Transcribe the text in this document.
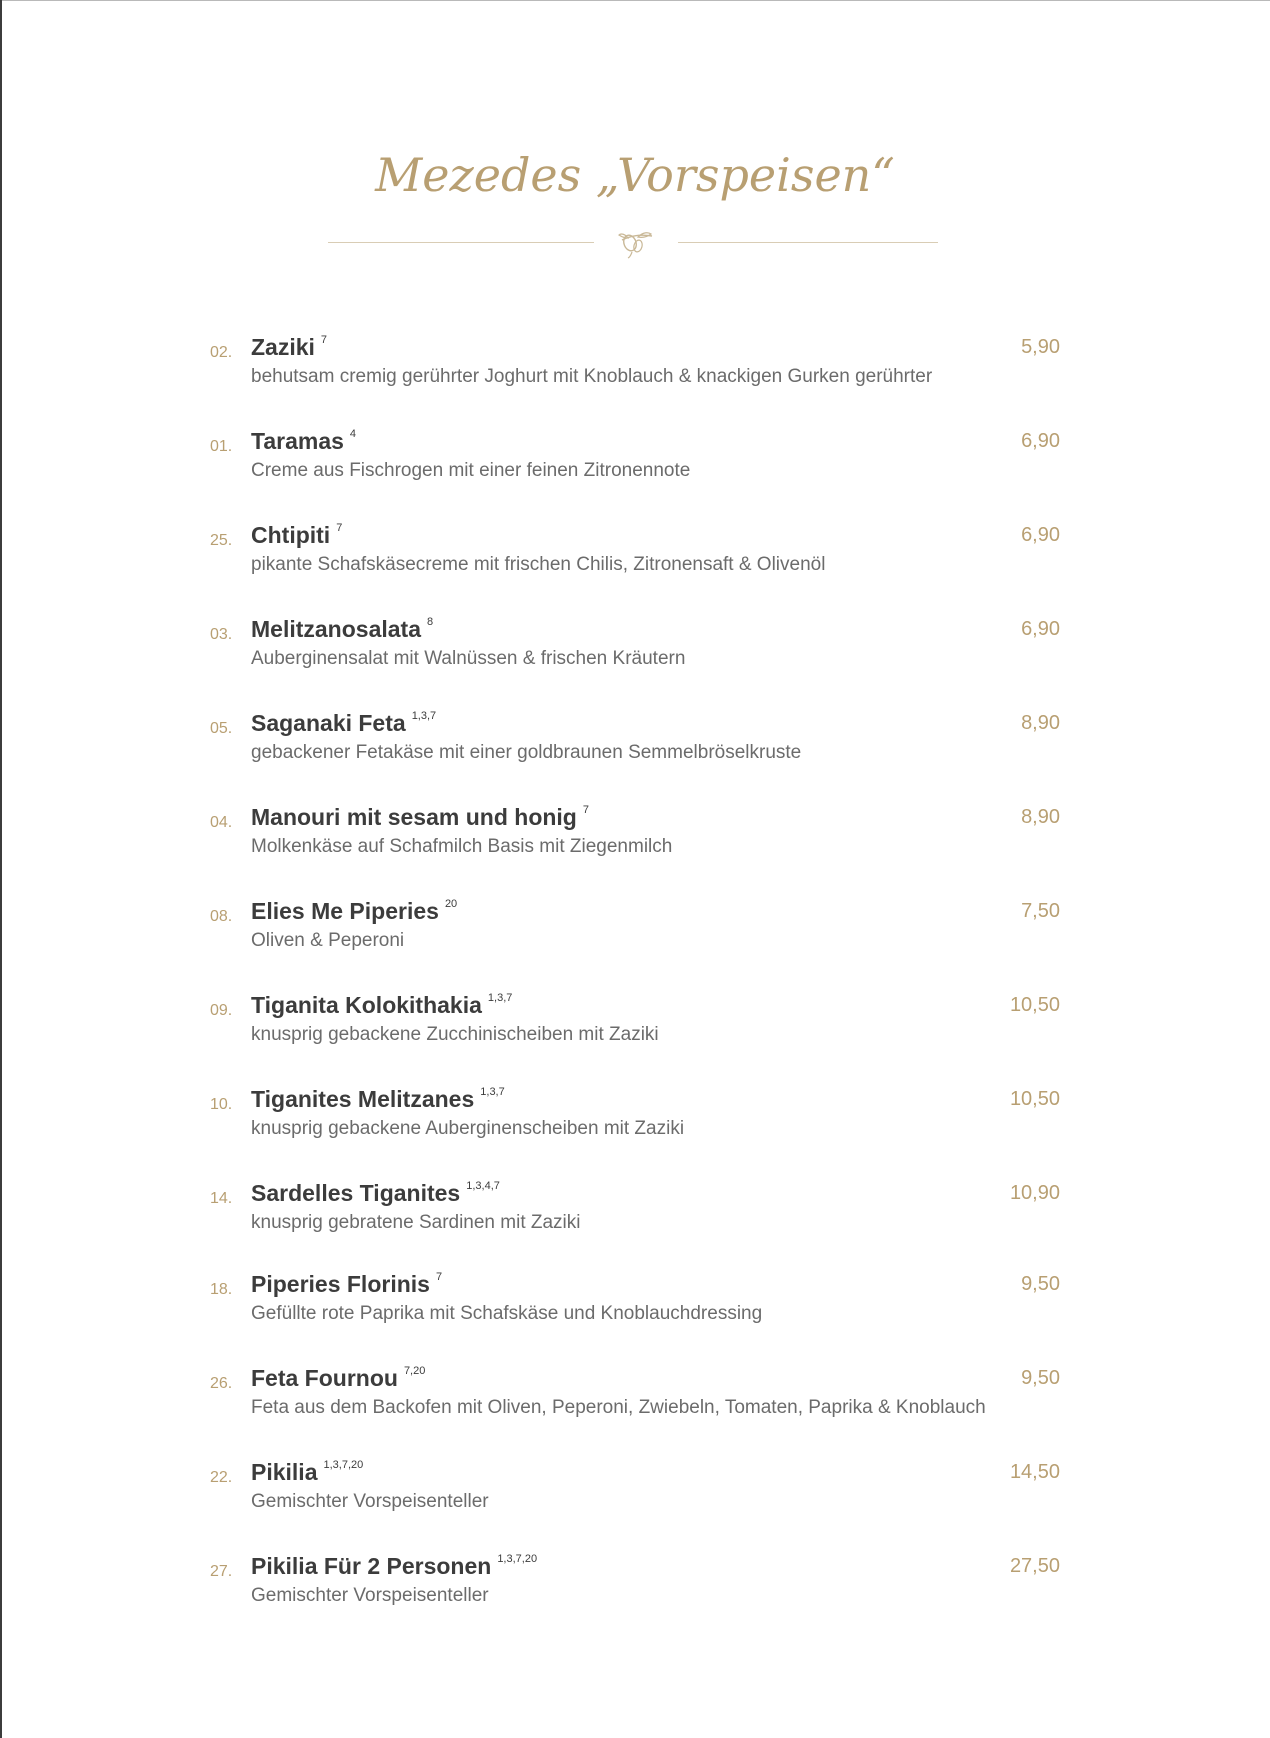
Mezedes „Vorspeisen“
02. Zaziki $^7$
behutsam cremig gerührter Joghurt mit Knoblauch & knackigen Gurken gerührter
5,90
01. Taramas $^4$
Creme aus Fischrogen mit einer feinen Zitronennote
6,90
25. Chtipiti $^7$
pikante Schafskäsecreme mit frischen Chilis, Zitronensaft & Olivenöl
6,90
03. Melitzanosalata $^8$
Auberginensalat mit Walnüssen & frischen Kräutern
6,90
05. Saganaki Feta $^{1,3,7}$
gebackener Fetakäse mit einer goldbraunen Semmelbröselkruste
8,90
04. Manouri mit sesam und honig $^7$
Molkenkäse auf Schafmilch Basis mit Ziegenmilch
8,90
08. Elies Me Piperies $^{20}$
Oliven & Peperoni
7,50
09. Tiganita Kolokithakia $^{1,3,7}$
knusprig gebackene Zucchinischeiben mit Zaziki
10,50
10. Tiganites Melitzanes $^{1,3,7}$
knusprig gebackene Auberginenscheiben mit Zaziki
10,50
14. Sardelles Tiganites $^{1,3,4,7}$
knusprig gebratene Sardinen mit Zaziki
10,90
18. Piperies Florinis $^7$
Gefüllte rote Paprika mit Schafskäse und Knoblauchdressing
9,50
26. Feta Fournou $^{7,20}$
Feta aus dem Backofen mit Oliven, Peperoni, Zwiebeln, Tomaten, Paprika & Knoblauch
9,50
22. Pikilia $^{1,3,7,20}$
Gemischter Vorspeisenteller
14,50
27. Pikilia Für 2 Personen $^{1,3,7,20}$
Gemischter Vorspeisenteller
27,50
